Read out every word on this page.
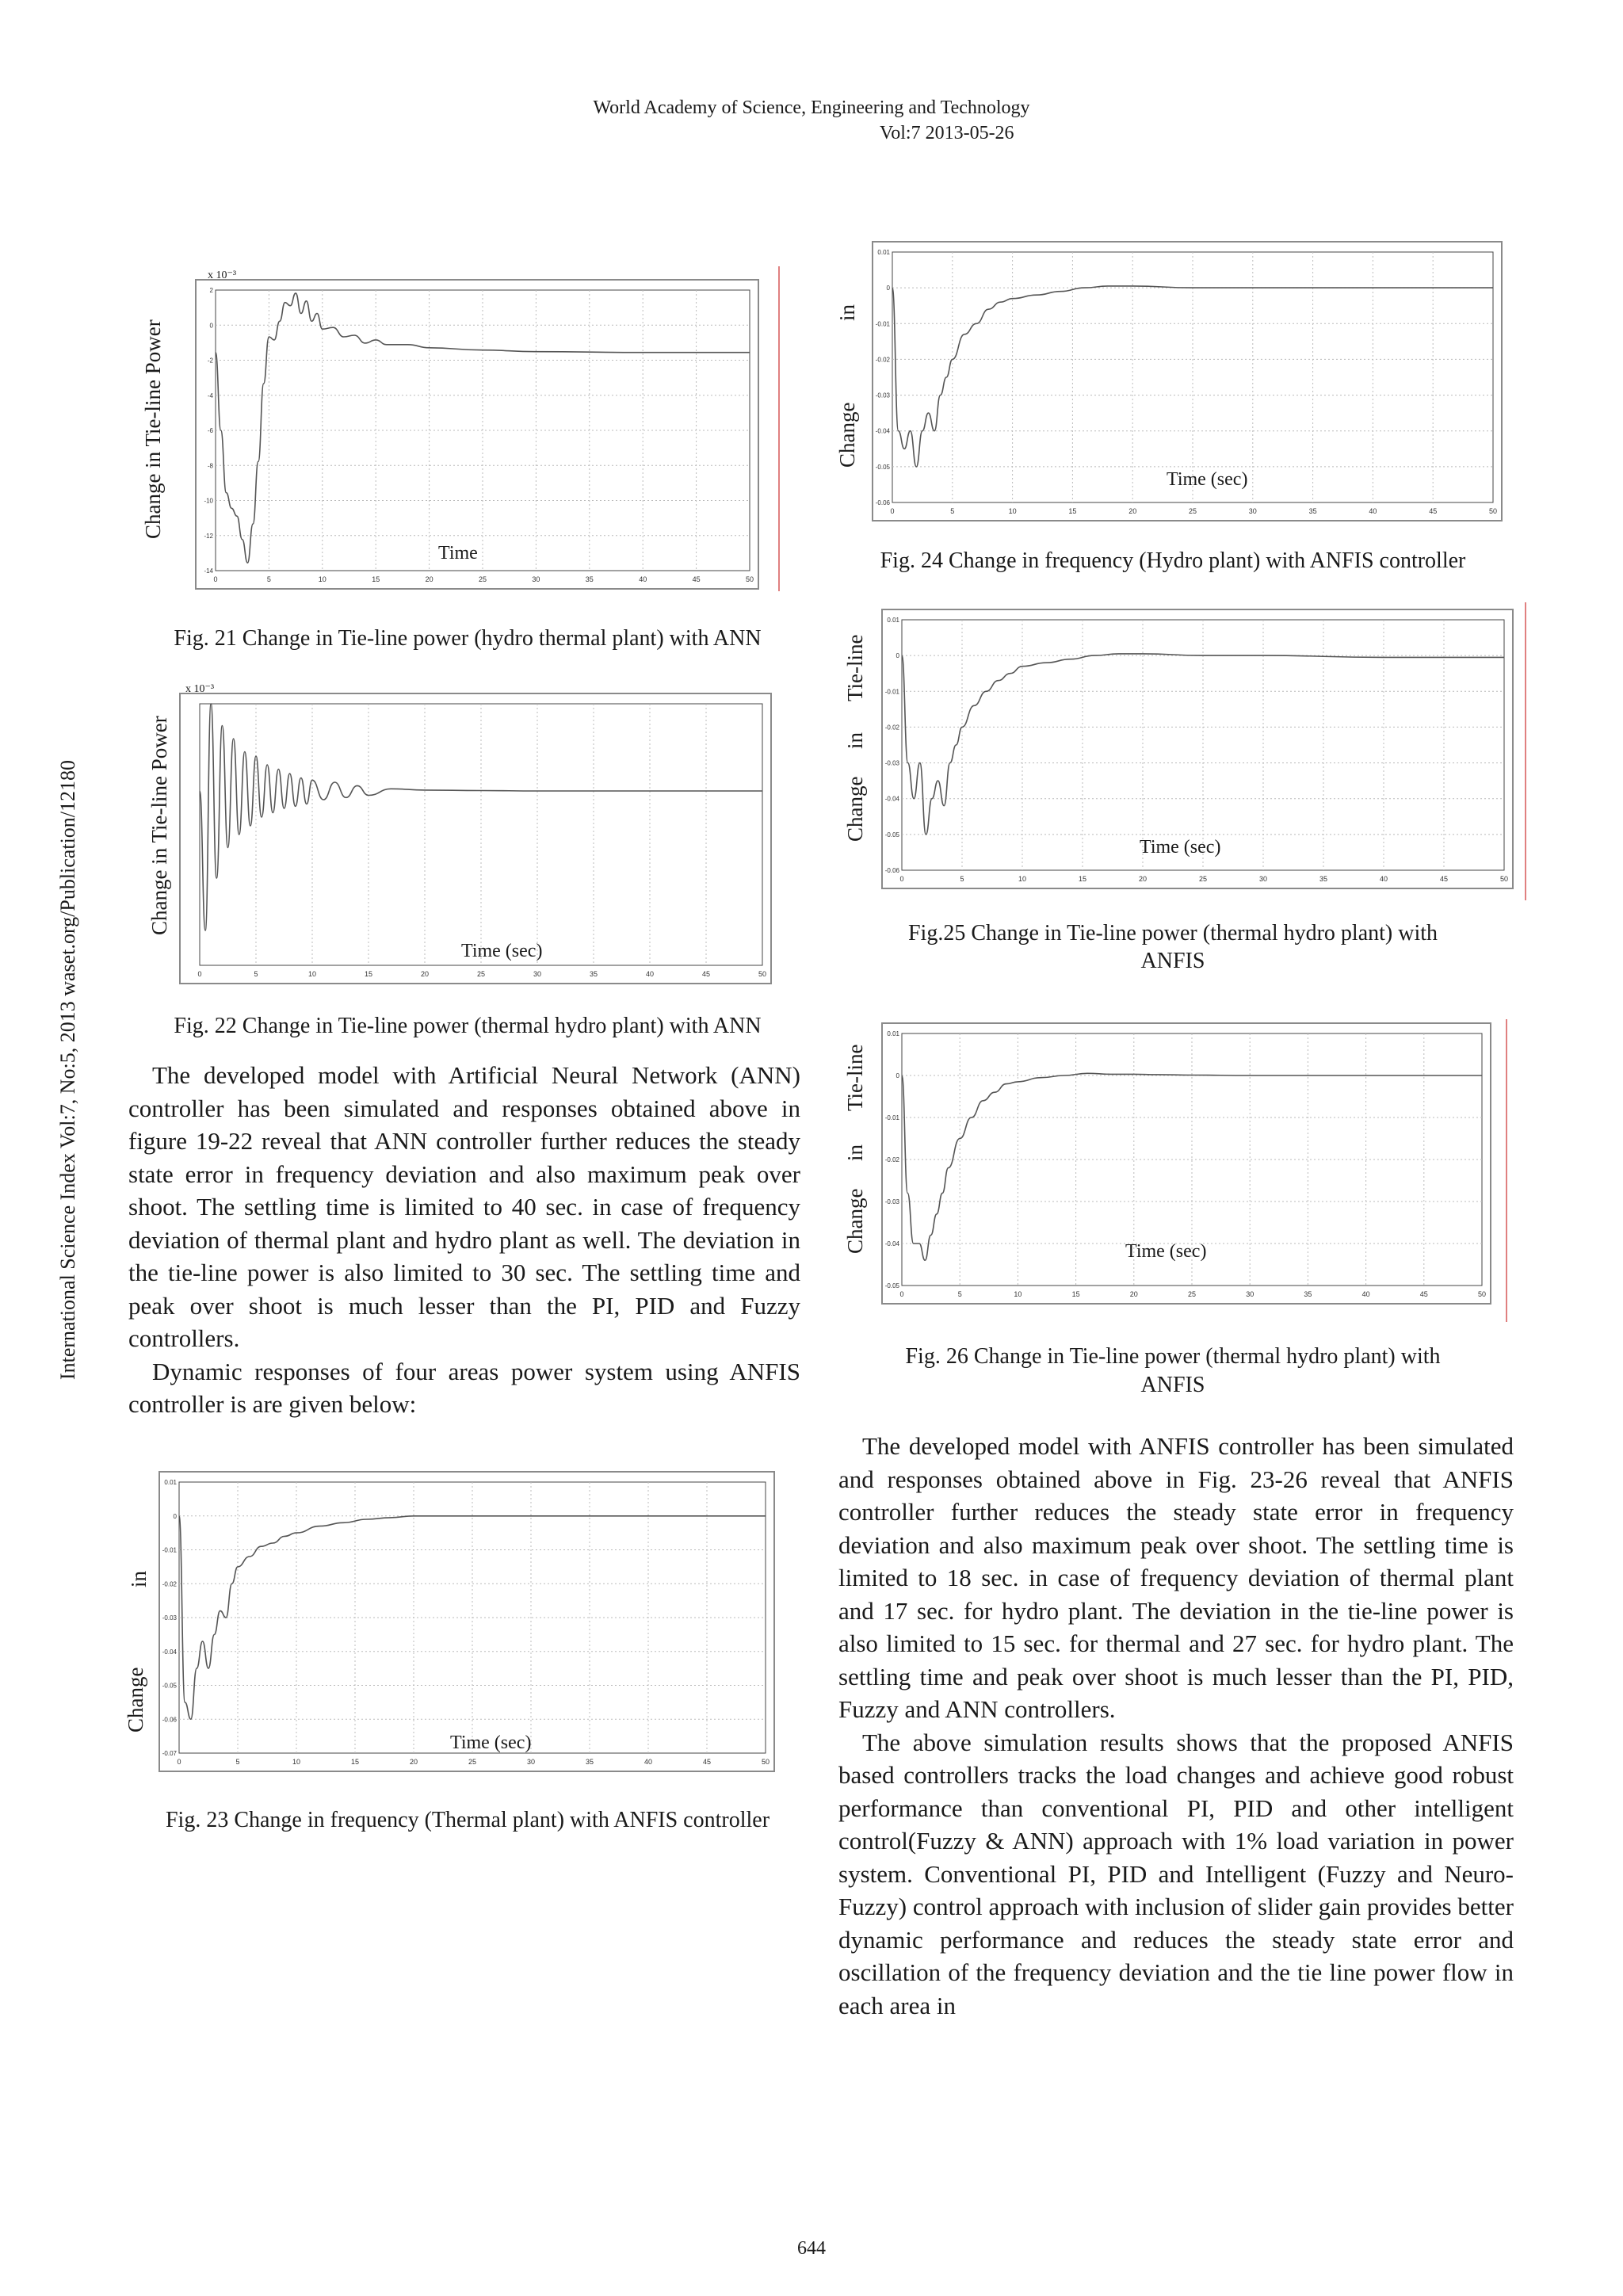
World Academy of Science, Engineering and Technology
Vol:7 2013-05-26
International Science Index Vol:7, No:5, 2013 waset.org/Publication/12180
0	5	10	15	20	25	30	35	40	45	50
2
0
-2
-4
-6
-8
-10
-12
-14
x 10⁻³
Change in Tie-line Power
Time
Fig. 21 Change in Tie-line power (hydro thermal plant) with ANN
0	5	10	15	20	25	30	35	40	45	50
x 10⁻³
Change in Tie-line Power
Time (sec)
Fig. 22 Change in Tie-line power (thermal hydro plant) with ANN

The developed model with Artificial Neural Network (ANN) controller has been simulated and responses obtained above in figure 19-22 reveal that ANN controller further reduces the steady state error in frequency deviation and also maximum peak over shoot. The settling time is limited to 40 sec. in case of frequency deviation of thermal plant and hydro plant as well. The deviation in the tie-line power is also limited to 30 sec. The settling time and peak over shoot is much lesser than the PI, PID and Fuzzy controllers.

Dynamic responses of four areas power system using ANFIS controller is are given below:

0	5	10	15	20	25	30	35	40	45	50
0.01
0
-0.01
-0.02
-0.03
-0.04
-0.05
-0.06
-0.07
in
Change
Time (sec)
Fig. 23 Change in frequency (Thermal plant) with ANFIS controller
0	5	10	15	20	25	30	35	40	45	50
0.01
0
-0.01
-0.02
-0.03
-0.04
-0.05
-0.06
in
Change
Time (sec)
Fig. 24 Change in frequency (Hydro plant) with ANFIS controller
0	5	10	15	20	25	30	35	40	45	50
0.01
0
-0.01
-0.02
-0.03
-0.04
-0.05
-0.06
Tie-line
in
Change
Time (sec)
Fig.25 Change in Tie-line power (thermal hydro plant) with
ANFIS
0	5	10	15	20	25	30	35	40	45	50
0.01
0
-0.01
-0.02
-0.03
-0.04
-0.05
Tie-line
in
Change	Time (sec)
Fig. 26 Change in Tie-line power (thermal hydro plant) with
ANFIS

The developed model with ANFIS controller has been simulated and responses obtained above in Fig. 23-26 reveal that ANFIS controller further reduces the steady state error in frequency deviation and also maximum peak over shoot. The settling time is limited to 18 sec. in case of frequency deviation of thermal plant and 17 sec. for hydro plant. The deviation in the tie-line power is also limited to 15 sec. for thermal and 27 sec. for hydro plant. The settling time and peak over shoot is much lesser than the PI, PID, Fuzzy and ANN controllers.

The above simulation results shows that the proposed ANFIS based controllers tracks the load changes and achieve good robust performance than conventional PI, PID and other intelligent control(Fuzzy & ANN) approach with 1% load variation in power system. Conventional PI, PID and Intelligent (Fuzzy and Neuro-Fuzzy) control approach with inclusion of slider gain provides better dynamic performance and reduces the steady state error and oscillation of the frequency deviation and the tie line power flow in each area in

644
